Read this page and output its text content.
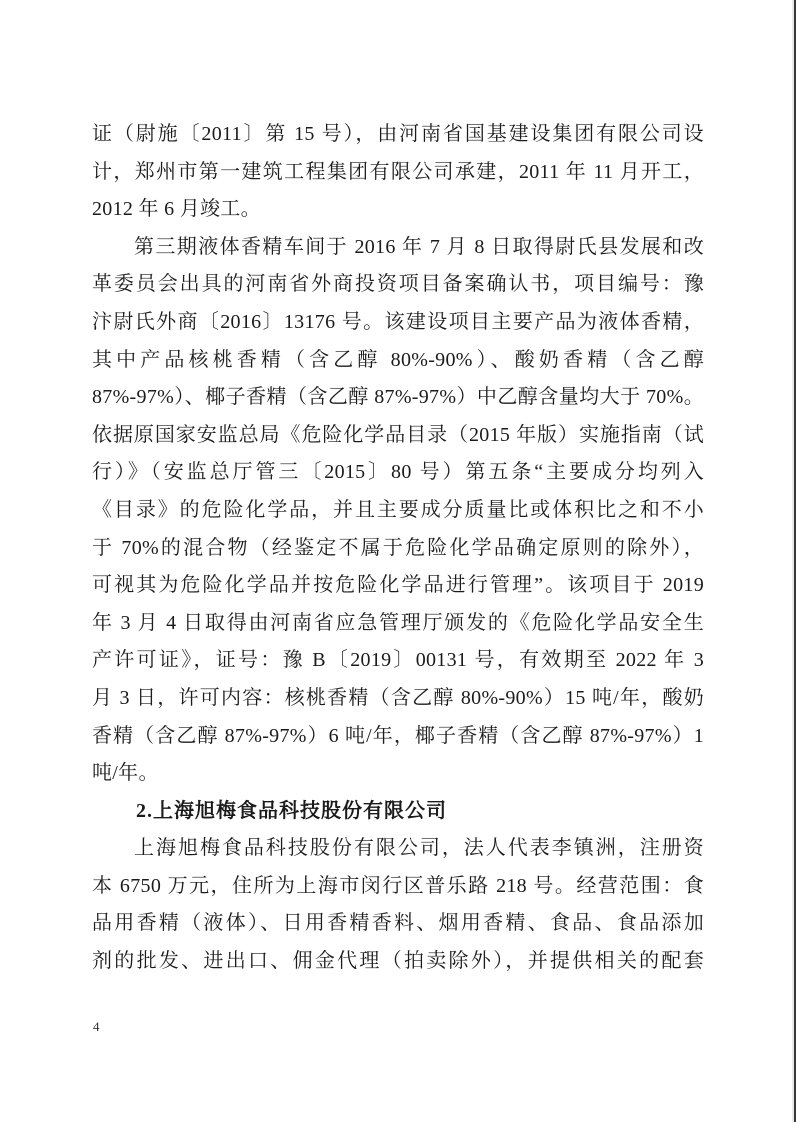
证（尉施〔2011〕第 15 号），由河南省国基建设集团有限公司设
计，郑州市第一建筑工程集团有限公司承建，2011 年 11 月开工，
2012 年 6 月竣工。
第三期液体香精车间于 2016 年 7 月 8 日取得尉氏县发展和改
革委员会出具的河南省外商投资项目备案确认书，项目编号：豫
汴尉氏外商〔2016〕13176 号。该建设项目主要产品为液体香精，
其中产品核桃香精（含乙醇 80%-90%）、酸奶香精（含乙醇
87%-97%）、椰子香精（含乙醇 87%-97%）中乙醇含量均大于 70%。
依据原国家安监总局《危险化学品目录（2015 年版）实施指南（试
行）》（安监总厅管三〔2015〕80 号）第五条“主要成分均列入
《目录》的危险化学品，并且主要成分质量比或体积比之和不小
于 70%的混合物（经鉴定不属于危险化学品确定原则的除外），
可视其为危险化学品并按危险化学品进行管理”。该项目于 2019
年 3 月 4 日取得由河南省应急管理厅颁发的《危险化学品安全生
产许可证》，证号：豫 B〔2019〕00131 号，有效期至 2022 年 3
月 3 日，许可内容：核桃香精（含乙醇 80%-90%）15 吨/年，酸奶
香精（含乙醇 87%-97%）6 吨/年，椰子香精（含乙醇 87%-97%）1
吨/年。
2.上海旭梅食品科技股份有限公司
上海旭梅食品科技股份有限公司，法人代表李镇洲，注册资
本 6750 万元，住所为上海市闵行区普乐路 218 号。经营范围：食
品用香精（液体）、日用香精香料、烟用香精、食品、食品添加
剂的批发、进出口、佣金代理（拍卖除外），并提供相关的配套
4
